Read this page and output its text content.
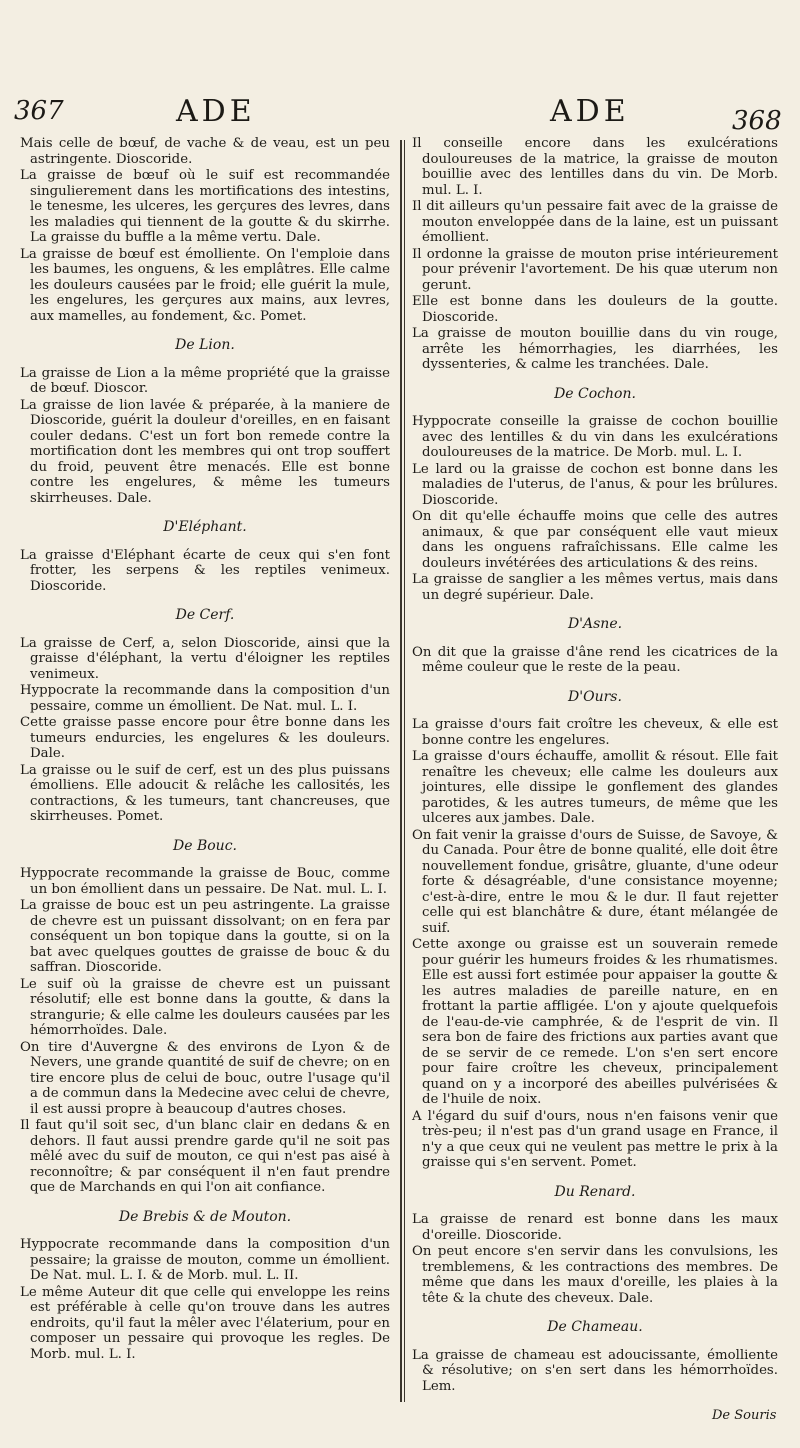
367	ADE	ADE	368
Mais celle de bœuf, de vache & de veau, est un peu astringente. Dioscoride.
La graisse de bœuf où le suif est recommandée singulierement dans les mortifications des intestins, le tenesme, les ulceres, les gerçures des levres, dans les maladies qui tiennent de la goutte & du skirrhe. La graisse du buffle a la même vertu. Dale.
La graisse de bœuf est émolliente. On l'emploie dans les baumes, les onguens, & les emplâtres. Elle calme les douleurs causées par le froid; elle guérit la mule, les engelures, les gerçures aux mains, aux levres, aux mamelles, au fondement, &c. Pomet.
De Lion.
La graisse de Lion a la même propriété que la graisse de bœuf. Dioscor.
La graisse de lion lavée & préparée, à la maniere de Dioscoride, guérit la douleur d'oreilles, en en faisant couler dedans. C'est un fort bon remede contre la mortification dont les membres qui ont trop souffert du froid, peuvent être menacés. Elle est bonne contre les engelures, & même les tumeurs skirrheuses. Dale.
D'Eléphant.
La graisse d'Eléphant écarte de ceux qui s'en font frotter, les serpens & les reptiles venimeux. Dioscoride.
De Cerf.
La graisse de Cerf, a, selon Dioscoride, ainsi que la graisse d'éléphant, la vertu d'éloigner les reptiles venimeux.
Hyppocrate la recommande dans la composition d'un pessaire, comme un émollient. De Nat. mul. L. I.
Cette graisse passe encore pour être bonne dans les tumeurs endurcies, les engelures & les douleurs. Dale.
La graisse ou le suif de cerf, est un des plus puissans émolliens. Elle adoucit & relâche les callosités, les contractions, & les tumeurs, tant chancreuses, que skirrheuses. Pomet.
De Bouc.
Hyppocrate recommande la graisse de Bouc, comme un bon émollient dans un pessaire. De Nat. mul. L. I.
La graisse de bouc est un peu astringente. La graisse de chevre est un puissant dissolvant; on en fera par conséquent un bon topique dans la goutte, si on la bat avec quelques gouttes de graisse de bouc & du saffran. Dioscoride.
Le suif où la graisse de chevre est un puissant résolutif; elle est bonne dans la goutte, & dans la strangurie; & elle calme les douleurs causées par les hémorrhoïdes. Dale.
On tire d'Auvergne & des environs de Lyon & de Nevers, une grande quantité de suif de chevre; on en tire encore plus de celui de bouc, outre l'usage qu'il a de commun dans la Medecine avec celui de chevre, il est aussi propre à beaucoup d'autres choses.
Il faut qu'il soit sec, d'un blanc clair en dedans & en dehors. Il faut aussi prendre garde qu'il ne soit pas mêlé avec du suif de mouton, ce qui n'est pas aisé à reconnoître; & par conséquent il n'en faut prendre que de Marchands en qui l'on ait confiance.
De Brebis & de Mouton.
Hyppocrate recommande dans la composition d'un pessaire; la graisse de mouton, comme un émollient. De Nat. mul. L. I. & de Morb. mul. L. II.
Le même Auteur dit que celle qui enveloppe les reins est préférable à celle qu'on trouve dans les autres endroits, qu'il faut la mêler avec l'élaterium, pour en composer un pessaire qui provoque les regles. De Morb. mul. L. I.
Il conseille encore dans les exulcérations douloureuses de la matrice, la graisse de mouton bouillie avec des lentilles dans du vin. De Morb. mul. L. I.
Il dit ailleurs qu'un pessaire fait avec de la graisse de mouton enveloppée dans de la laine, est un puissant émollient.
Il ordonne la graisse de mouton prise intérieurement pour prévenir l'avortement. De his quæ uterum non gerunt.
Elle est bonne dans les douleurs de la goutte. Dioscoride.
La graisse de mouton bouillie dans du vin rouge, arrête les hémorrhagies, les diarrhées, les dyssenteries, & calme les tranchées. Dale.
De Cochon.
Hyppocrate conseille la graisse de cochon bouillie avec des lentilles & du vin dans les exulcérations douloureuses de la matrice. De Morb. mul. L. I.
Le lard ou la graisse de cochon est bonne dans les maladies de l'uterus, de l'anus, & pour les brûlures. Dioscoride.
On dit qu'elle échauffe moins que celle des autres animaux, & que par conséquent elle vaut mieux dans les onguens rafraîchissans. Elle calme les douleurs invétérées des articulations & des reins.
La graisse de sanglier a les mêmes vertus, mais dans un degré supérieur. Dale.
D'Asne.
On dit que la graisse d'âne rend les cicatrices de la même couleur que le reste de la peau.
D'Ours.
La graisse d'ours fait croître les cheveux, & elle est bonne contre les engelures.
La graisse d'ours échauffe, amollit & résout. Elle fait renaître les cheveux; elle calme les douleurs aux jointures, elle dissipe le gonflement des glandes parotides, & les autres tumeurs, de même que les ulceres aux jambes. Dale.
On fait venir la graisse d'ours de Suisse, de Savoye, & du Canada. Pour être de bonne qualité, elle doit être nouvellement fondue, grisâtre, gluante, d'une odeur forte & désagréable, d'une consistance moyenne; c'est-à-dire, entre le mou & le dur. Il faut rejetter celle qui est blanchâtre & dure, étant mélangée de suif.
Cette axonge ou graisse est un souverain remede pour guérir les humeurs froides & les rhumatismes. Elle est aussi fort estimée pour appaiser la goutte & les autres maladies de pareille nature, en en frottant la partie affligée. L'on y ajoute quelquefois de l'eau-de-vie camphrée, & de l'esprit de vin. Il sera bon de faire des frictions aux parties avant que de se servir de ce remede. L'on s'en sert encore pour faire croître les cheveux, principalement quand on y a incorporé des abeilles pulvérisées & de l'huile de noix.
A l'égard du suif d'ours, nous n'en faisons venir que très-peu; il n'est pas d'un grand usage en France, il n'y a que ceux qui ne veulent pas mettre le prix à la graisse qui s'en servent. Pomet.
Du Renard.
La graisse de renard est bonne dans les maux d'oreille. Dioscoride.
On peut encore s'en servir dans les convulsions, les tremblemens, & les contractions des membres. De même que dans les maux d'oreille, les plaies à la tête & la chute des cheveux. Dale.
De Chameau.
La graisse de chameau est adoucissante, émolliente & résolutive; on s'en sert dans les hémorrhoïdes. Lem.
De Souris
